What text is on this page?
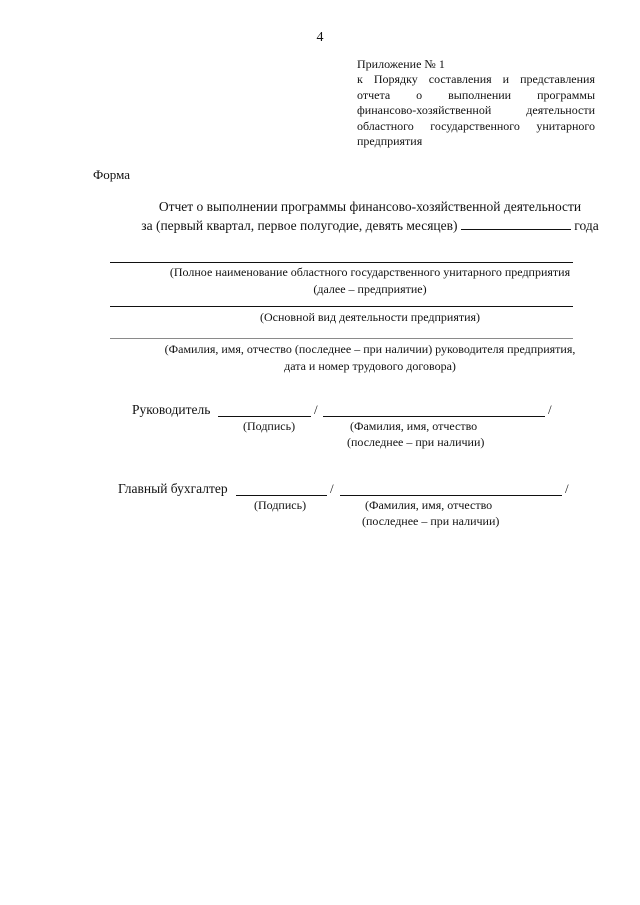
4
Приложение № 1
к Порядку составления и представления
отчета о выполнении программы
финансово-хозяйственной деятельности
областного государственного унитарного
предприятия
Форма
Отчет о выполнении программы финансово-хозяйственной деятельности
за (первый квартал, первое полугодие, девять месяцев)	года
(Полное наименование областного государственного унитарного предприятия
(далее – предприятие)
(Основной вид деятельности предприятия)
(Фамилия, имя, отчество (последнее – при наличии) руководителя предприятия,
дата и номер трудового договора)
Руководитель	/	/
(Подпись)	(Фамилия, имя, отчество
(последнее – при наличии)
Главный бухгалтер	/	/
(Подпись)	(Фамилия, имя, отчество
(последнее – при наличии)
